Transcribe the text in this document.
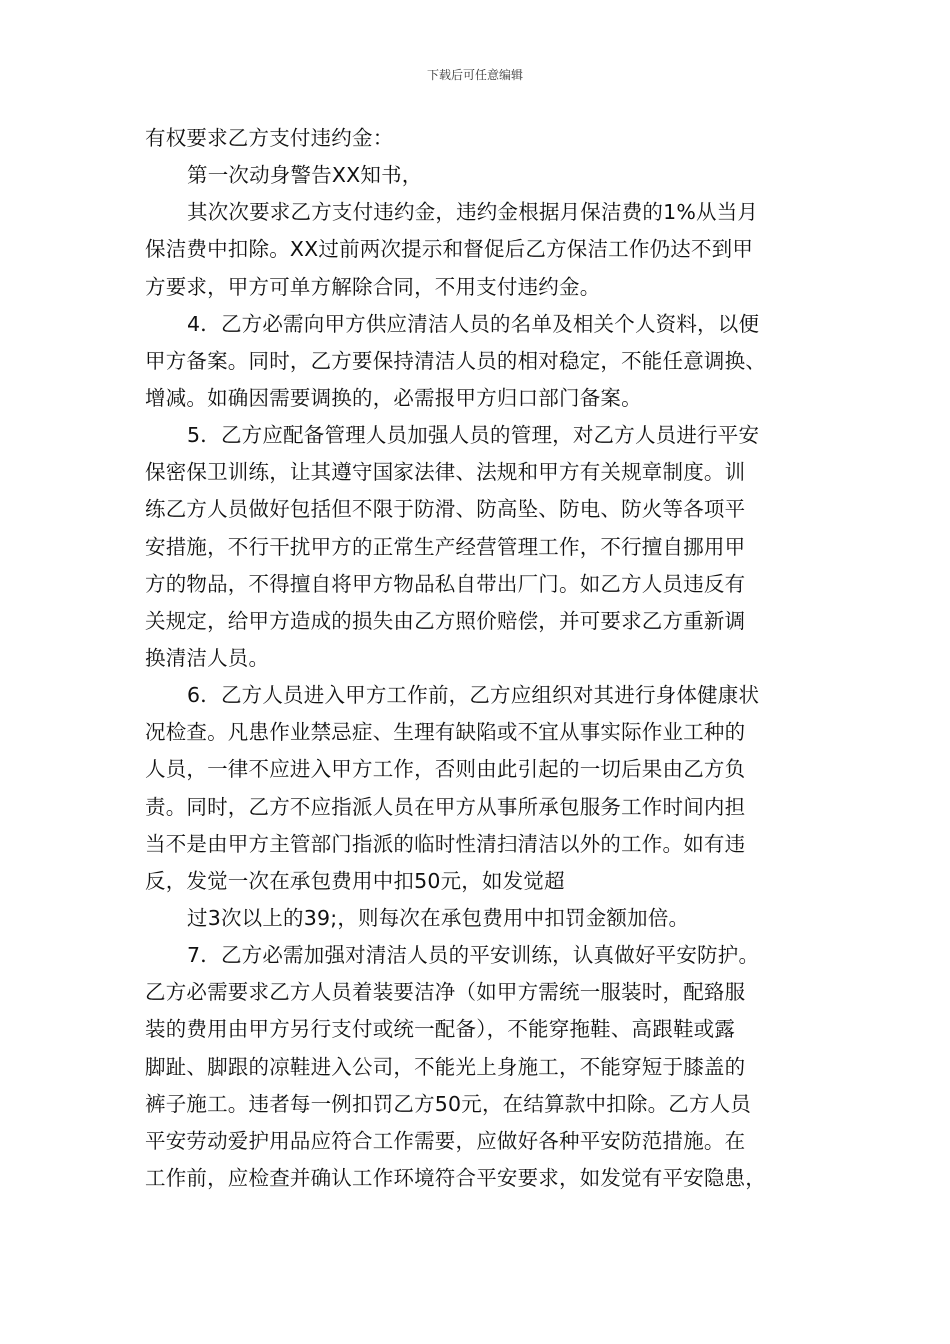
下载后可任意编辑
有权要求乙方支付违约金：
第一次动身警告XX知书，
其次次要求乙方支付违约金，违约金根据月保洁费的1%从当月
保洁费中扣除。XX过前两次提示和督促后乙方保洁工作仍达不到甲
方要求，甲方可单方解除合同，不用支付违约金。
4．乙方必需向甲方供应清洁人员的名单及相关个人资料，以便
甲方备案。同时，乙方要保持清洁人员的相对稳定，不能任意调换、
增减。如确因需要调换的，必需报甲方归口部门备案。
5．乙方应配备管理人员加强人员的管理，对乙方人员进行平安
保密保卫训练，让其遵守国家法律、法规和甲方有关规章制度。训
练乙方人员做好包括但不限于防滑、防高坠、防电、防火等各项平
安措施，不行干扰甲方的正常生产经营管理工作，不行擅自挪用甲
方的物品，不得擅自将甲方物品私自带出厂门。如乙方人员违反有
关规定，给甲方造成的损失由乙方照价赔偿，并可要求乙方重新调
换清洁人员。
6．乙方人员进入甲方工作前，乙方应组织对其进行身体健康状
况检查。凡患作业禁忌症、生理有缺陷或不宜从事实际作业工种的
人员，一律不应进入甲方工作，否则由此引起的一切后果由乙方负
责。同时，乙方不应指派人员在甲方从事所承包服务工作时间内担
当不是由甲方主管部门指派的临时性清扫清洁以外的工作。如有违
反，发觉一次在承包费用中扣50元，如发觉超
过3次以上的39;，则每次在承包费用中扣罚金额加倍。
7．乙方必需加强对清洁人员的平安训练，认真做好平安防护。
乙方必需要求乙方人员着装要洁净（如甲方需统一服装时，配臵服
装的费用由甲方另行支付或统一配备），不能穿拖鞋、高跟鞋或露
脚趾、脚跟的凉鞋进入公司，不能光上身施工，不能穿短于膝盖的
裤子施工。违者每一例扣罚乙方50元，在结算款中扣除。乙方人员
平安劳动爱护用品应符合工作需要，应做好各种平安防范措施。在
工作前，应检查并确认工作环境符合平安要求，如发觉有平安隐患，
